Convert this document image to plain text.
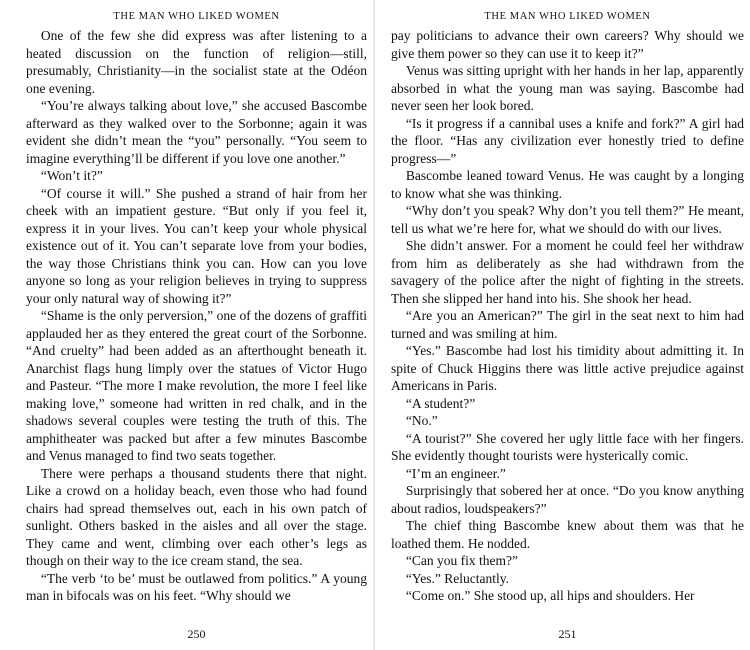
THE MAN WHO LIKED WOMEN

One of the few she did express was after listening to a heated discussion on the function of religion—still, presumably, Christianity—in the socialist state at the Odéon one evening.

“You’re always talking about love,” she accused Bascombe afterward as they walked over to the Sorbonne; again it was evident she didn’t mean the “you” personally. “You seem to imagine everything’ll be different if you love one another.”

“Won’t it?”

“Of course it will.” She pushed a strand of hair from her cheek with an impatient gesture. “But only if you feel it, express it in your lives. You can’t keep your whole physical existence out of it. You can’t separate love from your bodies, the way those Christians think you can. How can you love anyone so long as your religion believes in trying to suppress your only natural way of showing it?”

“Shame is the only perversion,” one of the dozens of graffiti applauded her as they entered the great court of the Sorbonne. “And cruelty” had been added as an afterthought beneath it. Anarchist flags hung limply over the statues of Victor Hugo and Pasteur. “The more I make revolution, the more I feel like making love,” someone had written in red chalk, and in the shadows several couples were testing the truth of this. The amphitheater was packed but after a few minutes Bascombe and Venus managed to find two seats together.

There were perhaps a thousand students there that night. Like a crowd on a holiday beach, even those who had found chairs had spread themselves out, each in his own patch of sunlight. Others basked in the aisles and all over the stage. They came and went, climbing over each other’s legs as though on their way to the ice cream stand, the sea.

“The verb ‘to be’ must be outlawed from politics.” A young man in bifocals was on his feet. “Why should we

250
THE MAN WHO LIKED WOMEN

pay politicians to advance their own careers? Why should we give them power so they can use it to keep it?”

Venus was sitting upright with her hands in her lap, apparently absorbed in what the young man was saying. Bascombe had never seen her look bored.

“Is it progress if a cannibal uses a knife and fork?” A girl had the floor. “Has any civilization ever honestly tried to define progress—”

Bascombe leaned toward Venus. He was caught by a longing to know what she was thinking.

“Why don’t you speak? Why don’t you tell them?” He meant, tell us what we’re here for, what we should do with our lives.

She didn’t answer. For a moment he could feel her withdraw from him as deliberately as she had withdrawn from the savagery of the police after the night of fighting in the streets. Then she slipped her hand into his. She shook her head.

“Are you an American?” The girl in the seat next to him had turned and was smiling at him.

“Yes.” Bascombe had lost his timidity about admitting it. In spite of Chuck Higgins there was little active prejudice against Americans in Paris.

“A student?”

“No.”

“A tourist?” She covered her ugly little face with her fingers. She evidently thought tourists were hysterically comic.

“I’m an engineer.”

Surprisingly that sobered her at once. “Do you know anything about radios, loudspeakers?”

The chief thing Bascombe knew about them was that he loathed them. He nodded.

“Can you fix them?”

“Yes.” Reluctantly.

“Come on.” She stood up, all hips and shoulders. Her

251
